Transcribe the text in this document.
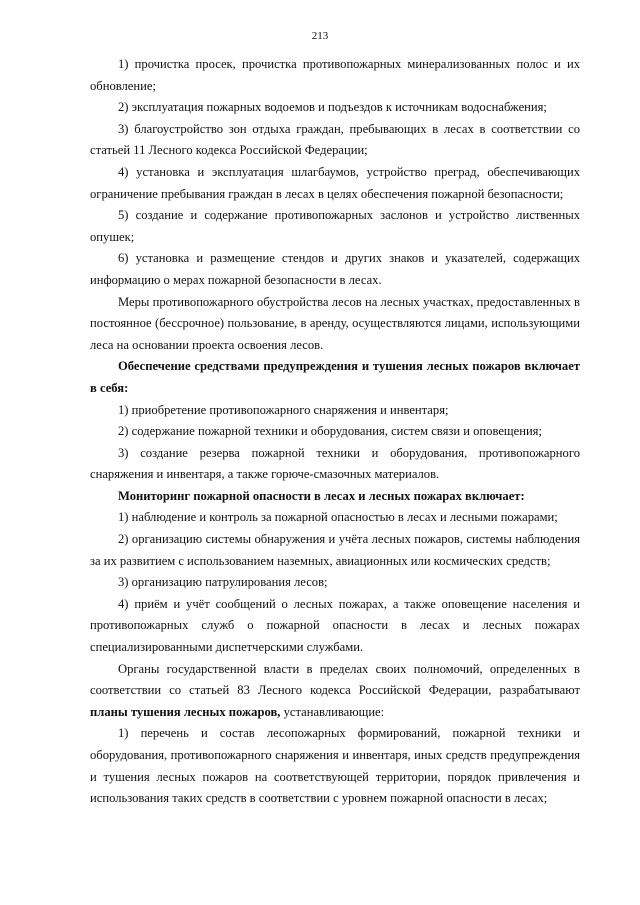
213

1) прочистка просек, прочистка противопожарных минерализованных полос и их обновление;

2) эксплуатация пожарных водоемов и подъездов к источникам водоснабжения;

3) благоустройство зон отдыха граждан, пребывающих в лесах в соответствии со статьей 11 Лесного кодекса Российской Федерации;

4) установка и эксплуатация шлагбаумов, устройство преград, обеспечивающих ограничение пребывания граждан в лесах в целях обеспечения пожарной безопасности;

5) создание и содержание противопожарных заслонов и устройство лиственных опушек;

6) установка и размещение стендов и других знаков и указателей, содержащих информацию о мерах пожарной безопасности в лесах.

Меры противопожарного обустройства лесов на лесных участках, предоставленных в постоянное (бессрочное) пользование, в аренду, осуществляются лицами, использующими леса на основании проекта освоения лесов.

Обеспечение средствами предупреждения и тушения лесных пожаров включает в себя:

1) приобретение противопожарного снаряжения и инвентаря;

2) содержание пожарной техники и оборудования, систем связи и оповещения;

3) создание резерва пожарной техники и оборудования, противопожарного снаряжения и инвентаря, а также горюче-смазочных материалов.

Мониторинг пожарной опасности в лесах и лесных пожарах включает:

1) наблюдение и контроль за пожарной опасностью в лесах и лесными пожарами;

2) организацию системы обнаружения и учёта лесных пожаров, системы наблюдения за их развитием с использованием наземных, авиационных или космических средств;

3) организацию патрулирования лесов;

4) приём и учёт сообщений о лесных пожарах, а также оповещение населения и противопожарных служб о пожарной опасности в лесах и лесных пожарах специализированными диспетчерскими службами.

Органы государственной власти в пределах своих полномочий, определенных в соответствии со статьей 83 Лесного кодекса Российской Федерации, разрабатывают планы тушения лесных пожаров, устанавливающие:

1) перечень и состав лесопожарных формирований, пожарной техники и оборудования, противопожарного снаряжения и инвентаря, иных средств предупреждения и тушения лесных пожаров на соответствующей территории, порядок привлечения и использования таких средств в соответствии с уровнем пожарной опасности в лесах;
